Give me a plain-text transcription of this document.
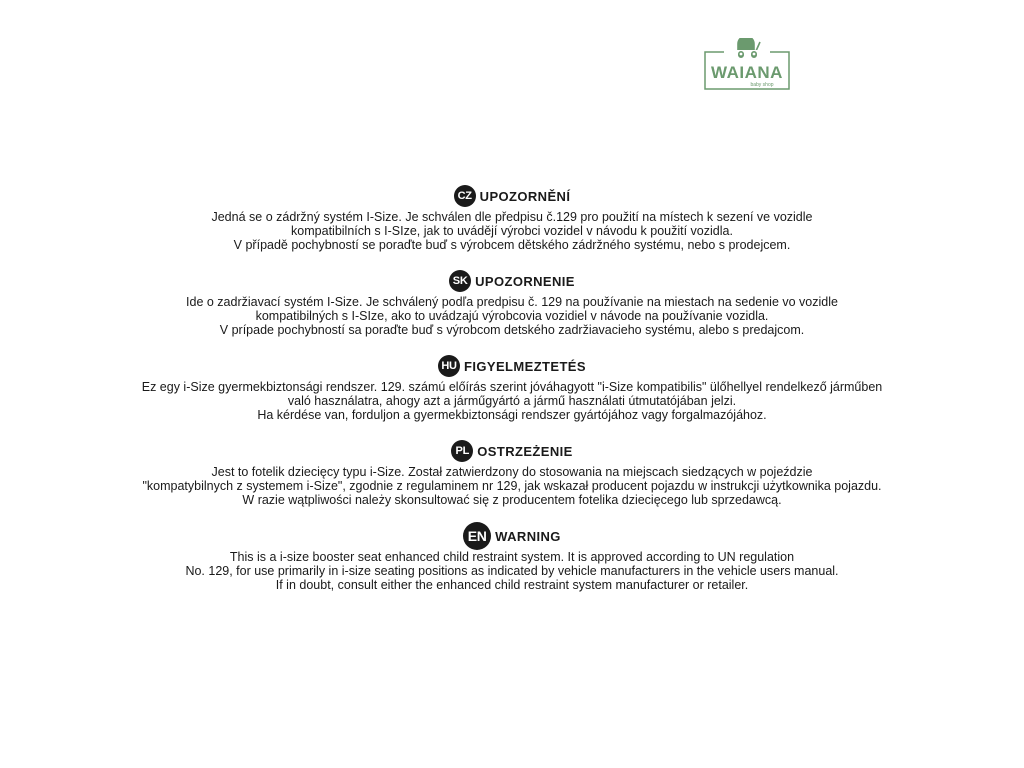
WAIANA
baby shop
CZ UPOZORNĚNÍ
Jedná se o zádržný systém I-Size. Je schválen dle předpisu č.129 pro použití na místech k sezení ve vozidle
kompatibilních s I-SIze, jak to uvádějí výrobci vozidel v návodu k použití vozidla.
V případě pochybností se poraďte buď s výrobcem dětského zádržného systému, nebo s prodejcem.
SK UPOZORNENIE
Ide o zadržiavací systém I-Size. Je schválený podľa predpisu č. 129 na používanie na miestach na sedenie vo vozidle
kompatibilných s I-SIze, ako to uvádzajú výrobcovia vozidiel v návode na používanie vozidla.
V prípade pochybností sa poraďte buď s výrobcom detského zadržiavacieho systému, alebo s predajcom.
HU FIGYELMEZTETÉS
Ez egy i-Size gyermekbiztonsági rendszer. 129. számú előírás szerint jóváhagyott "i-Size kompatibilis" ülőhellyel rendelkező járműben
való használatra, ahogy azt a járműgyártó a jármű használati útmutatójában jelzi.
Ha kérdése van, forduljon a gyermekbiztonsági rendszer gyártójához vagy forgalmazójához.
PL OSTRZEŻENIE
Jest to fotelik dziecięcy typu i-Size. Został zatwierdzony do stosowania na miejscach siedzących w pojeździe
"kompatybilnych z systemem i-Size", zgodnie z regulaminem nr 129, jak wskazał producent pojazdu w instrukcji użytkownika pojazdu.
W razie wątpliwości należy skonsultować się z producentem fotelika dziecięcego lub sprzedawcą.
EN WARNING
This is a i-size booster seat enhanced child restraint system. It is approved according to UN regulation
No. 129, for use primarily in i-size seating positions as indicated by vehicle manufacturers in the vehicle users manual.
If in doubt, consult either the enhanced child restraint system manufacturer or retailer.
